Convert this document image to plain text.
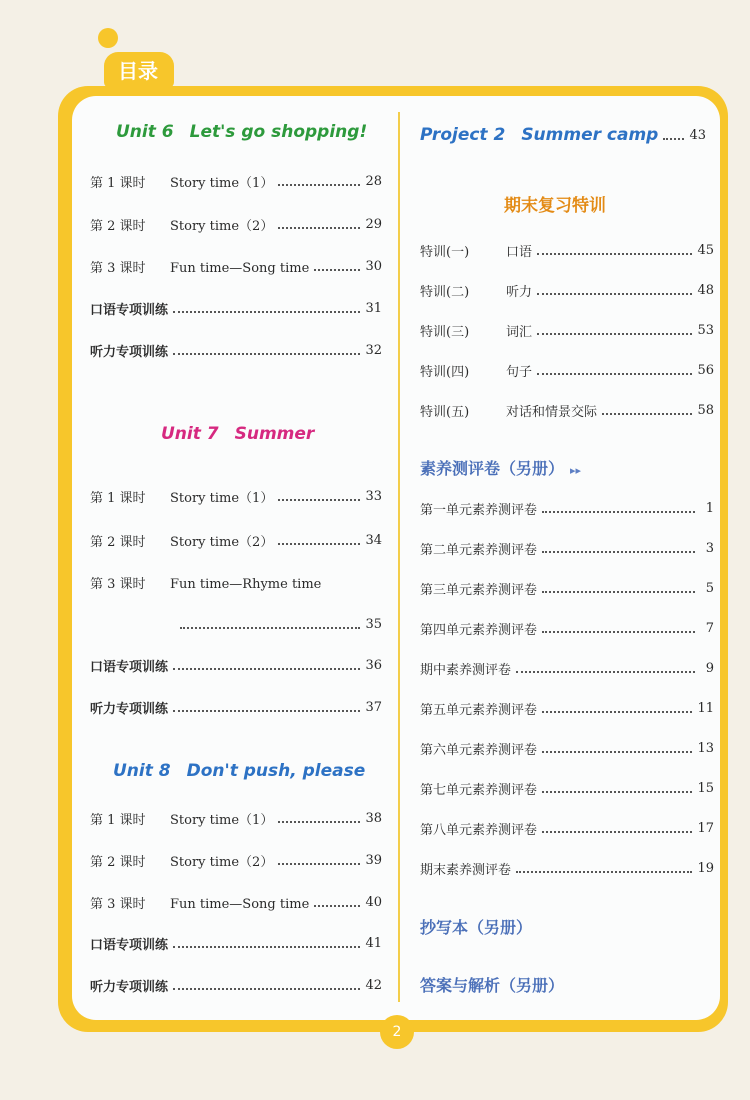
目录
Unit 6 Let's go shopping!
第 1 课时 Story time（1）	28
第 2 课时 Story time（2）	29
第 3 课时 Fun time—Song time	30
口语专项训练	31
听力专项训练	32
Unit 7 Summer
第 1 课时 Story time（1）	33
第 2 课时 Story time（2）	34
第 3 课时 Fun time—Rhyme time
35
口语专项训练	36
听力专项训练	37
Unit 8 Don't push, please
第 1 课时 Story time（1）	38
第 2 课时 Story time（2）	39
第 3 课时 Fun time—Song time	40
口语专项训练	41
听力专项训练	42
Project 2 Summer camp 43
期末复习特训
特训(一)	口语	45
特训(二)	听力	48
特训(三)	词汇	53
特训(四)	句子	56
特训(五)	对话和情景交际	58
素养测评卷（另册） ▸▸
第一单元素养测评卷	1
第二单元素养测评卷	3
第三单元素养测评卷	5
第四单元素养测评卷	7
期中素养测评卷	9
第五单元素养测评卷	11
第六单元素养测评卷	13
第七单元素养测评卷	15
第八单元素养测评卷	17
期末素养测评卷	19
抄写本（另册）
答案与解析（另册）
2
